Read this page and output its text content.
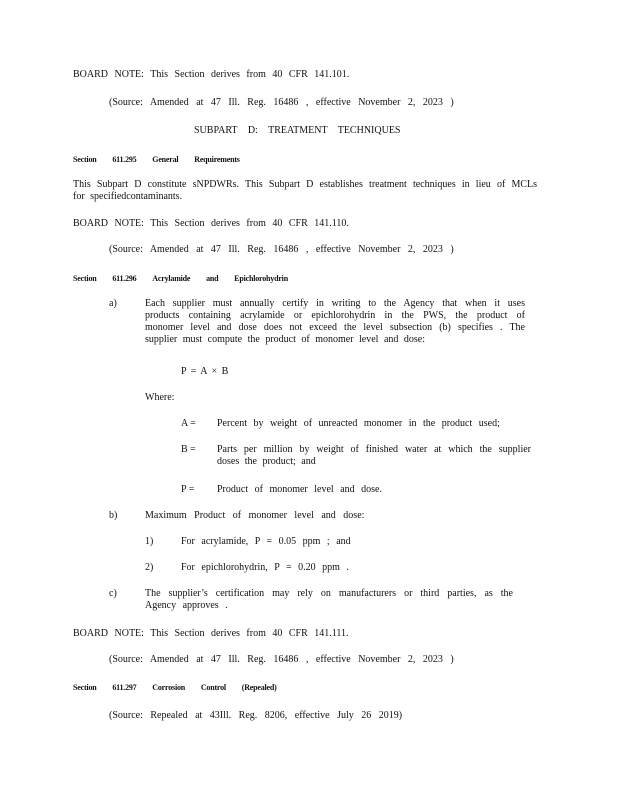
BOARD NOTE: This Section derives from 40 CFR 141.101.
(Source: Amended at 47 Ill. Reg. 16486 , effective November 2, 2023 )
SUBPART D: TREATMENT TECHNIQUES
Section 611.295 General Requirements
This Subpart D constitute sNPDWRs. This Subpart D establishes treatment techniques in lieu of MCLs for specifiedcontaminants.
BOARD NOTE: This Section derives from 40 CFR 141.110.
(Source: Amended at 47 Ill. Reg. 16486 , effective November 2, 2023 )
Section 611.296 Acrylamide and Epichlorohydrin
a)	Each supplier must annually certify in writing to the Agency that when it uses products containing acrylamide or epichlorohydrin in the PWS, the product of monomer level and dose does not exceed the level subsection (b) specifies . The supplier must compute the product of monomer level and dose:
P = A × B
Where:
A = Percent by weight of unreacted monomer in the product used;
B = Parts per million by weight of finished water at which the supplier doses the product; and
P = Product of monomer level and dose.
b)	Maximum Product of monomer level and dose:
1)	For acrylamide, P = 0.05 ppm ; and
2)	For epichlorohydrin, P = 0.20 ppm .
c)	The supplier’s certification may rely on manufacturers or third parties, as the Agency approves .
BOARD NOTE: This Section derives from 40 CFR 141.111.
(Source: Amended at 47 Ill. Reg. 16486 , effective November 2, 2023 )
Section 611.297 Corrosion Control (Repealed)
(Source: Repealed at 43Ill. Reg. 8206, effective July 26 2019)
